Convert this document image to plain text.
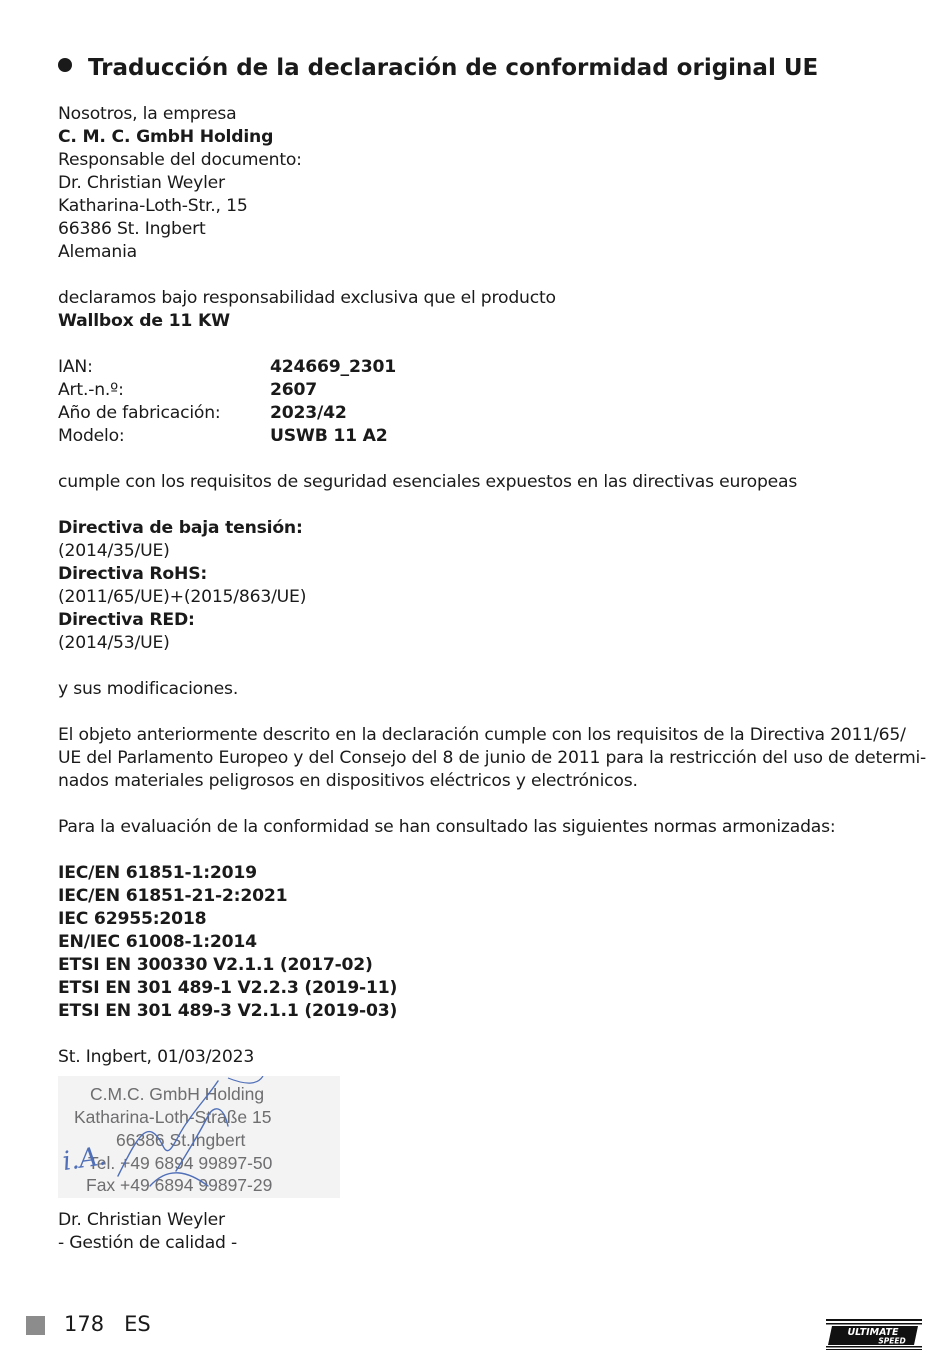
Traducción de la declaración de conformidad original UE
Nosotros, la empresa
C. M. C. GmbH Holding
Responsable del documento:
Dr. Christian Weyler
Katharina-Loth-Str., 15
66386 St. Ingbert
Alemania
declaramos bajo responsabilidad exclusiva que el producto
Wallbox de 11 KW
IAN:	424669_2301
Art.-n.º:	2607
Año de fabricación:	2023/42
Modelo:	USWB 11 A2
cumple con los requisitos de seguridad esenciales expuestos en las directivas europeas
Directiva de baja tensión:
(2014/35/UE)
Directiva RoHS:
(2011/65/UE)+(2015/863/UE)
Directiva RED:
(2014/53/UE)
y sus modificaciones.
El objeto anteriormente descrito en la declaración cumple con los requisitos de la Directiva 2011/65/
UE del Parlamento Europeo y del Consejo del 8 de junio de 2011 para la restricción del uso de determi-
nados materiales peligrosos en dispositivos eléctricos y electrónicos.
Para la evaluación de la conformidad se han consultado las siguientes normas armonizadas:
IEC/EN 61851-1:2019
IEC/EN 61851-21-2:2021
IEC 62955:2018
EN/IEC 61008-1:2014
ETSI EN 300330 V2.1.1 (2017-02)
ETSI EN 301 489-1 V2.2.3 (2019-11)
ETSI EN 301 489-3 V2.1.1 (2019-03)
St. Ingbert, 01/03/2023
C.M.C. GmbH Holding
Katharina-Loth-Straße 15
66386 St.Ingbert
Tel. +49 6894 99897-50
Fax +49 6894 99897-29
i.A.
Dr. Christian Weyler
- Gestión de calidad -
178 ES	ULTIMATE
SPEED
